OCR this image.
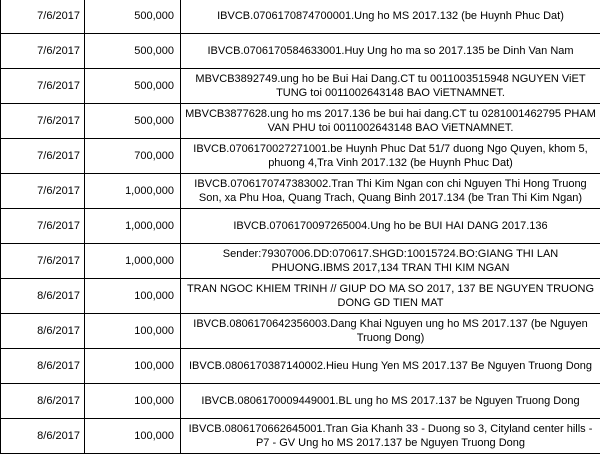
7/6/2017	500,000	IBVCB.0706170874700001.Ung ho MS 2017.132 (be Huynh Phuc Dat)
7/6/2017	500,000	IBVCB.0706170584633001.Huy Ung ho ma so 2017.135 be Dinh Van Nam
7/6/2017	500,000	MBVCB3892749.ung ho be Bui Hai Dang.CT tu 0011003515948 NGUYEN ViET TUNG toi 0011002643148 BAO ViETNAMNET.
7/6/2017	500,000	MBVCB3877628.ung ho ms 2017.136 be bui hai dang.CT tu 0281001462795 PHAM VAN PHU toi 0011002643148 BAO ViETNAMNET.
7/6/2017	700,000	IBVCB.0706170027271001.be Huynh Phuc Dat 51/7 duong Ngo Quyen, khom 5, phuong 4,Tra Vinh 2017.132 (be Huynh Phuc Dat)
7/6/2017	1,000,000	IBVCB.0706170747383002.Tran Thi Kim Ngan con chi Nguyen Thi Hong Truong Son, xa Phu Hoa, Quang Trach, Quang Binh 2017.134 (be Tran Thi Kim Ngan)
7/6/2017	1,000,000	IBVCB.0706170097265004.Ung ho be BUI HAI DANG 2017.136
7/6/2017	1,000,000	Sender:79307006.DD:070617.SHGD:10015724.BO:GIANG THI LAN PHUONG.IBMS 2017,134 TRAN THI KIM NGAN
8/6/2017	100,000	TRAN NGOC KHIEM TRINH // GIUP DO MA SO 2017, 137 BE NGUYEN TRUONG DONG GD TIEN MAT
8/6/2017	100,000	IBVCB.0806170642356003.Dang Khai Nguyen ung ho MS 2017.137 (be Nguyen Truong Dong)
8/6/2017	100,000	IBVCB.0806170387140002.Hieu Hung Yen MS 2017.137 Be Nguyen Truong Dong
8/6/2017	100,000	IBVCB.0806170009449001.BL ung ho MS 2017.137 be Nguyen Truong Dong
8/6/2017	100,000	IBVCB.0806170662645001.Tran Gia Khanh 33 - Duong so 3, Cityland center hills - P7 - GV Ung ho MS 2017.137 be Nguyen Truong Dong
